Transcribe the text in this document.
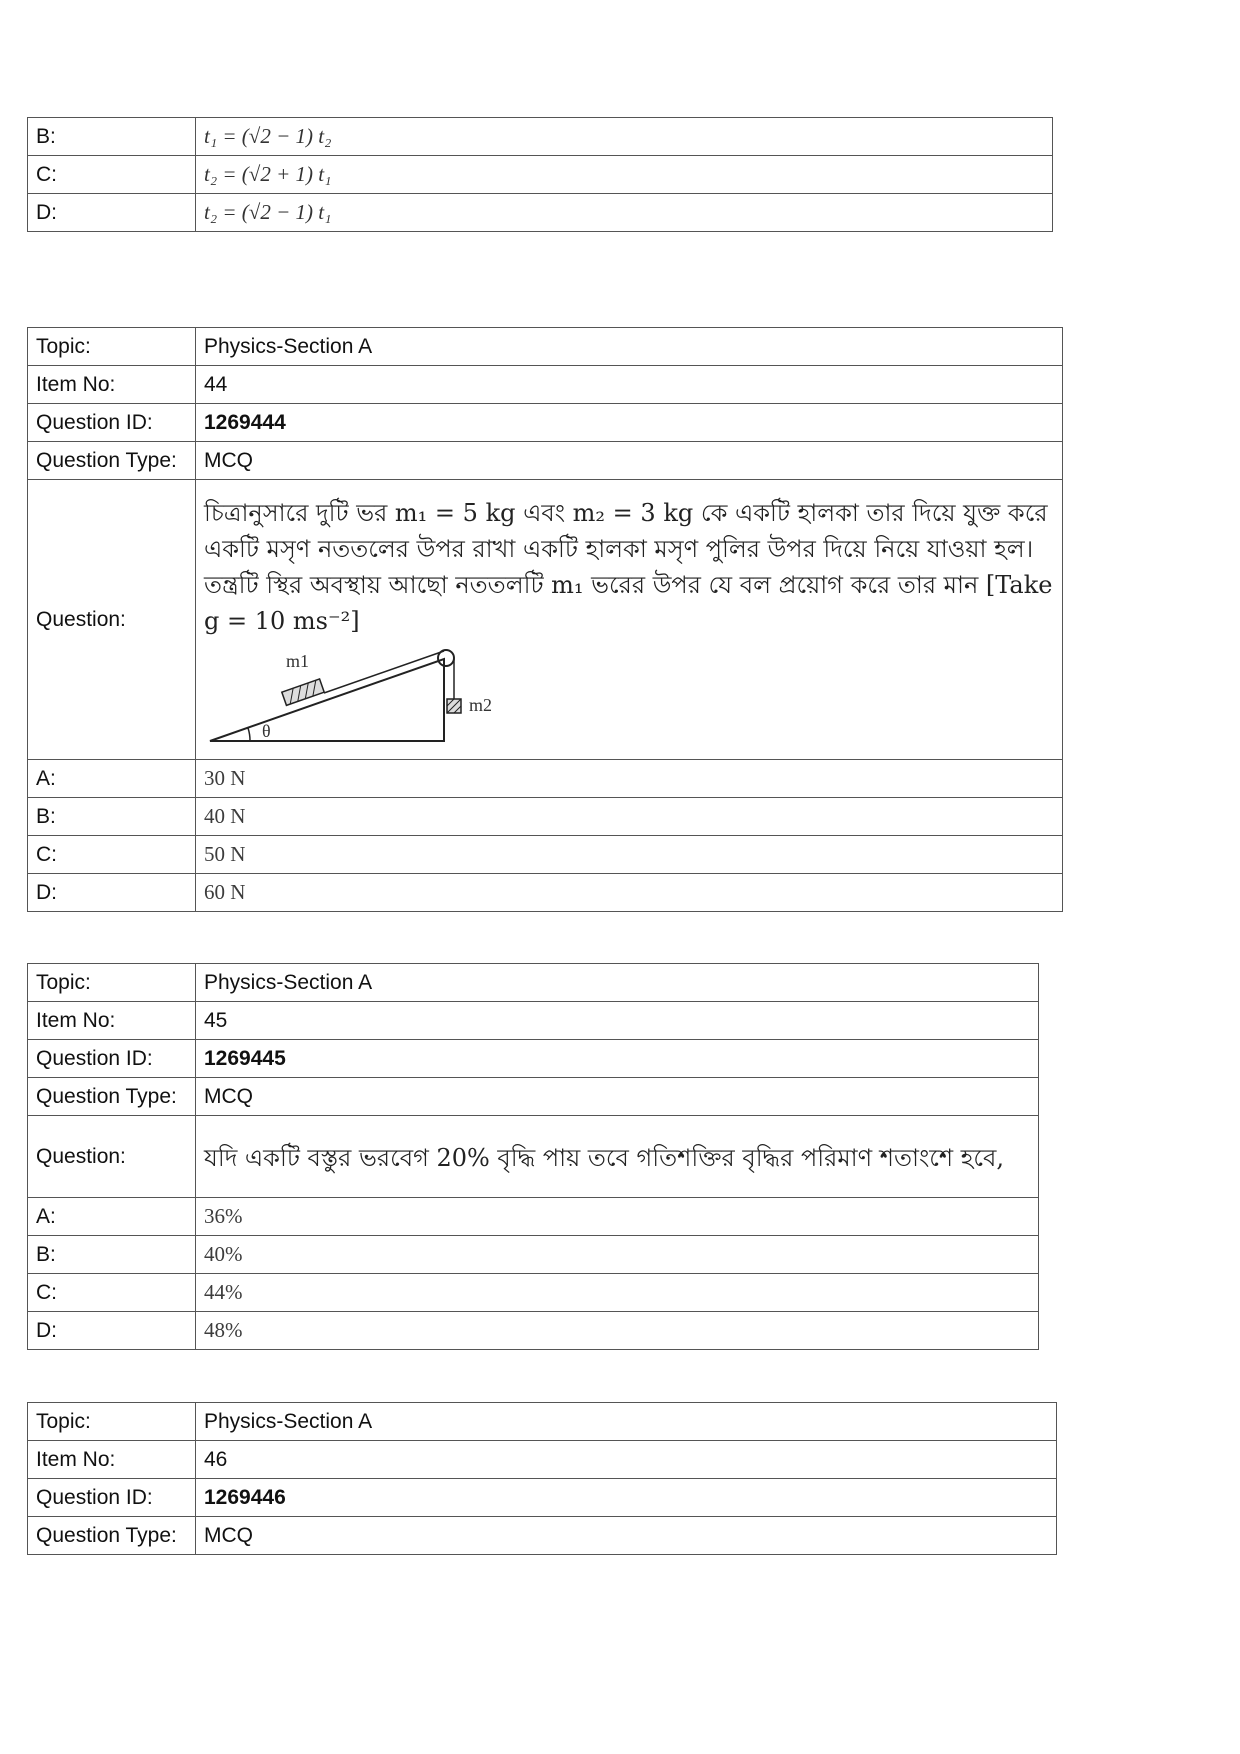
B:	t₁ = (√2 − 1) t₂
C:	t₂ = (√2 + 1) t₁
D:	t₂ = (√2 − 1) t₁
Topic:	Physics-Section A
Item No:	44
Question ID:	1269444
Question Type:	MCQ
Question:	চিত্রানুসারে দুটি ভর m₁ = 5 kg এবং m₂ = 3 kg কে একটি হালকা তার দিয়ে যুক্ত করে একটি মসৃণ নততলের উপর রাখা একটি হালকা মসৃণ পুলির উপর দিয়ে নিয়ে যাওয়া হল। তন্ত্রটি স্থির অবস্থায় আছো নততলটি m₁ ভরের উপর যে বল প্রয়োগ করে তার মান [Take g = 10 ms⁻²]
m1
m2
θ

A:	30 N
B:	40 N
C:	50 N
D:	60 N
Topic:	Physics-Section A
Item No:	45
Question ID:	1269445
Question Type:	MCQ
Question:	যদি একটি বস্তুর ভরবেগ 20% বৃদ্ধি পায় তবে গতিশক্তির বৃদ্ধির পরিমাণ শতাংশে হবে,

A:	36%
B:	40%
C:	44%
D:	48%
Topic:	Physics-Section A
Item No:	46
Question ID:	1269446
Question Type:	MCQ
